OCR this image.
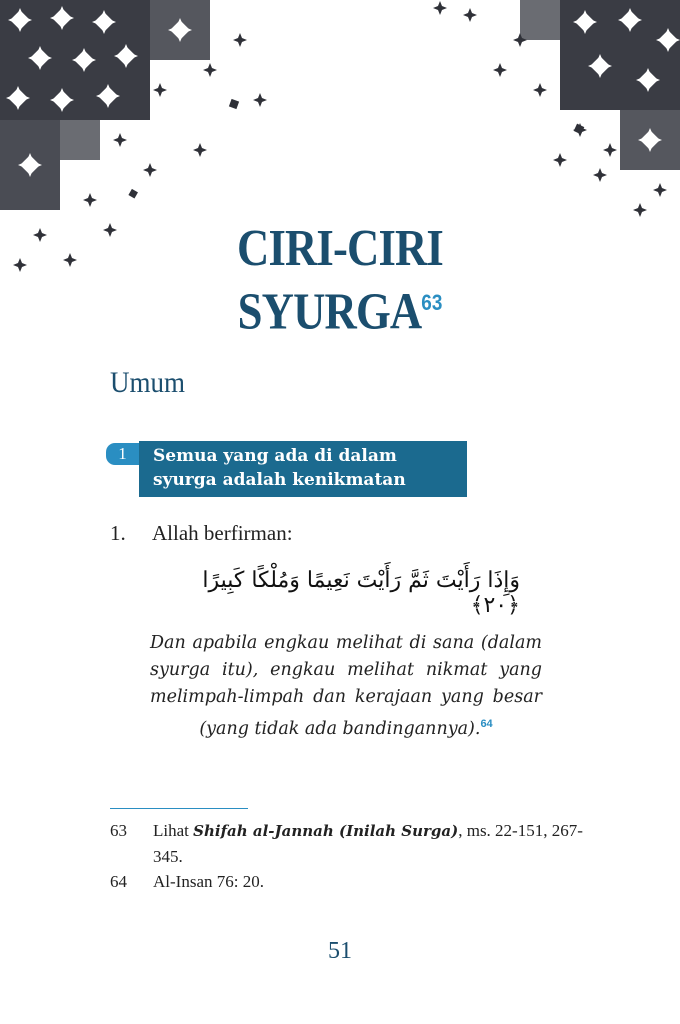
CIRI-CIRI
SYURGA$^{63}$
Umum
1	Semua yang ada di dalam
syurga adalah kenikmatan
1. Allah berfirman:
وَإِذَا رَأَيْتَ ثَمَّ رَأَيْتَ نَعِيمًا وَمُلْكًا كَبِيرًا ﴿٢٠﴾
Dan apabila engkau melihat di sana (dalam syurga itu), engkau melihat nikmat yang melimpah-limpah dan kerajaan yang besar (yang tidak ada bandingannya).$^{64}$
63	Lihat Shifah al-Jannah (Inilah Surga), ms. 22-151, 267-345.
64	Al-Insan 76: 20.
51
